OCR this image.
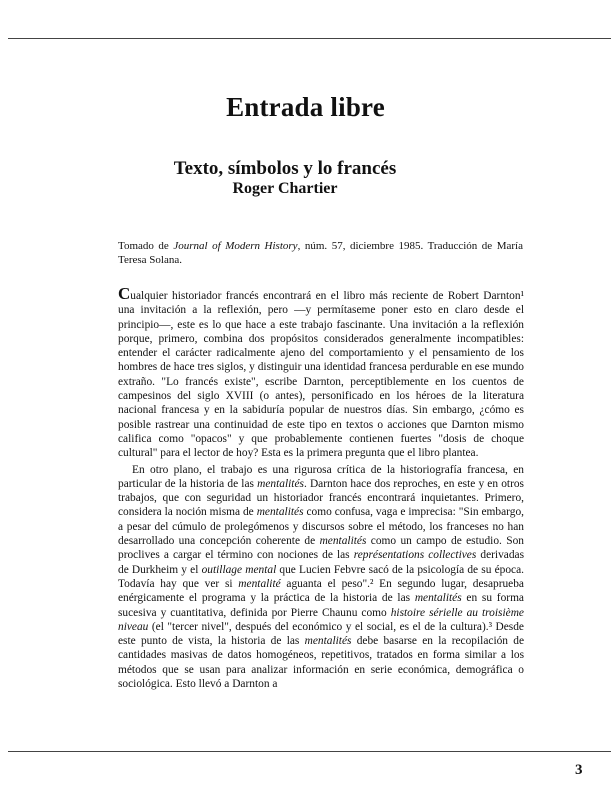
Entrada libre
Texto, símbolos y lo francés
Roger Chartier
Tomado de Journal of Modern History, núm. 57, diciembre 1985. Traducción de María Teresa Solana.

Cualquier historiador francés encontrará en el libro más reciente de Robert Darnton¹ una invitación a la reflexión, pero —y permítaseme poner esto en claro desde el principio—, este es lo que hace a este trabajo fascinante. Una invitación a la reflexión porque, primero, combina dos propósitos considerados generalmente incompatibles: entender el carácter radicalmente ajeno del comportamiento y el pensamiento de los hombres de hace tres siglos, y distinguir una identidad francesa perdurable en ese mundo extraño. "Lo francés existe", escribe Darnton, perceptiblemente en los cuentos de campesinos del siglo XVIII (o antes), personificado en los héroes de la literatura nacional francesa y en la sabiduría popular de nuestros días. Sin embargo, ¿cómo es posible rastrear una continuidad de este tipo en textos o acciones que Darnton mismo califica como "opacos" y que probablemente contienen fuertes "dosis de choque cultural" para el lector de hoy? Esta es la primera pregunta que el libro plantea.

En otro plano, el trabajo es una rigurosa crítica de la historiografía francesa, en particular de la historia de las mentalités. Darnton hace dos reproches, en este y en otros trabajos, que con seguridad un historiador francés encontrará inquietantes. Primero, considera la noción misma de mentalités como confusa, vaga e imprecisa: "Sin embargo, a pesar del cúmulo de prolegómenos y discursos sobre el método, los franceses no han desarrollado una concepción coherente de mentalités como un campo de estudio. Son proclives a cargar el término con nociones de las représentations collectives derivadas de Durkheim y el outillage mental que Lucien Febvre sacó de la psicología de su época. Todavía hay que ver si mentalité aguanta el peso".² En segundo lugar, desaprueba enérgicamente el programa y la práctica de la historia de las mentalités en su forma sucesiva y cuantitativa, definida por Pierre Chaunu como histoire sérielle au troisième niveau (el "tercer nivel", después del económico y el social, es el de la cultura).³ Desde este punto de vista, la historia de las mentalités debe basarse en la recopilación de cantidades masivas de datos homogéneos, repetitivos, tratados en forma similar a los métodos que se usan para analizar información en serie económica, demográfica o sociológica. Esto llevó a Darnton a

3
